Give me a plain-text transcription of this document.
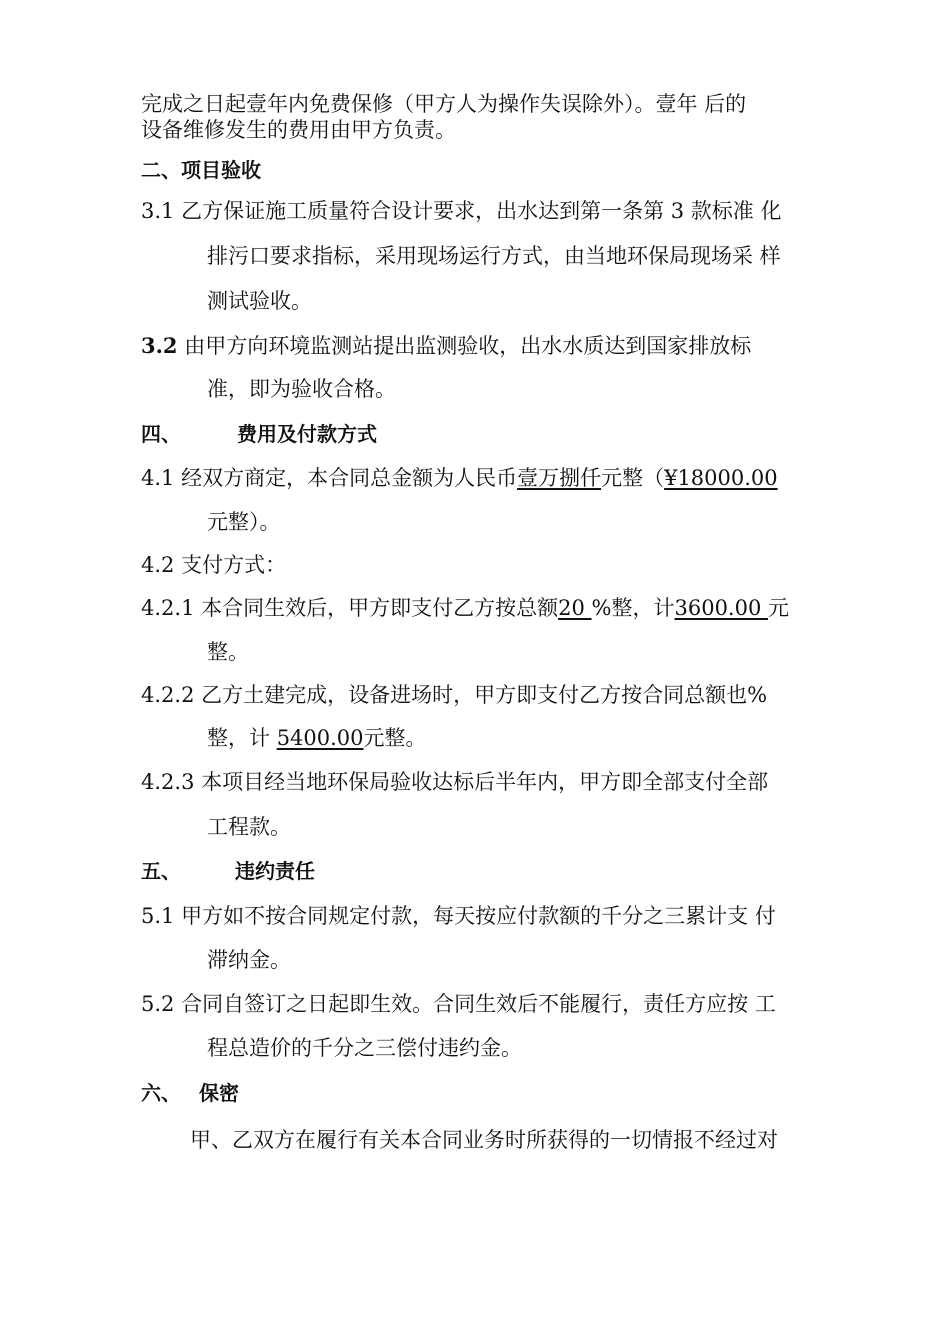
完成之日起壹年内免费保修（甲方人为操作失误除外）。壹年 后的
设备维修发生的费用由甲方负责。
二、项目验收
3.1 乙方保证施工质量符合设计要求，出水达到第一条第 3 款标准 化
排污口要求指标，采用现场运行方式，由当地环保局现场采 样
测试验收。
3.2 由甲方向环境监测站提出监测验收，出水水质达到国家排放标
准，即为验收合格。
四、	费用及付款方式
4.1 经双方商定，本合同总金额为人民币壹万捌仟元整（¥18000.00
元整）。
4.2 支付方式：
4.2.1 本合同生效后，甲方即支付乙方按总额20 %整，计3600.00 元
整。
4.2.2 乙方土建完成，设备进场时，甲方即支付乙方按合同总额也%
整，计 5400.00元整。
4.2.3 本项目经当地环保局验收达标后半年内，甲方即全部支付全部
工程款。
五、	违约责任
5.1 甲方如不按合同规定付款，每天按应付款额的千分之三累计支 付
滞纳金。
5.2 合同自签订之日起即生效。合同生效后不能履行，责任方应按 工
程总造价的千分之三偿付违约金。
六、 保密
甲、乙双方在履行有关本合同业务时所获得的一切情报不经过对
